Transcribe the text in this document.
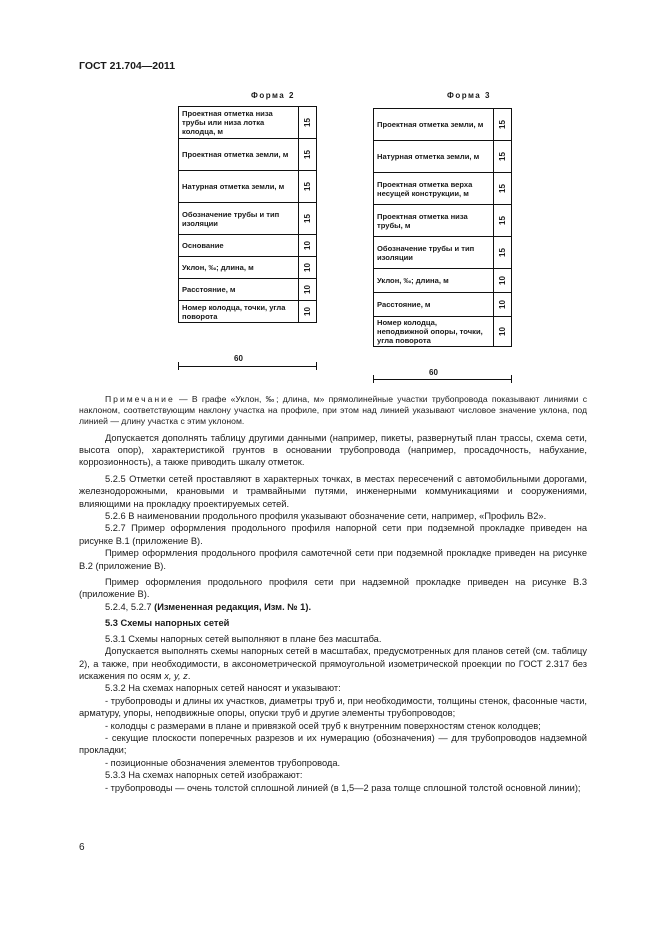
ГОСТ 21.704—2011
Форма 2
Проектная отметка низа трубы или низа лотка колодца, м	15
Проектная отметка земли, м	15
Натурная отметка земли, м	15
Обозначение трубы и тип изоляции	15
Основание	10
Уклон, ‰; длина, м	10
Расстояние, м	10
Номер колодца, точки, угла поворота	10
60
Форма 3
Проектная отметка земли, м	15
Натурная отметка земли, м	15
Проектная отметка верха несущей конструкции, м	15
Проектная отметка низа трубы, м	15
Обозначение трубы и тип изоляции	15
Уклон, ‰; длина, м	10
Расстояние, м	10
Номер колодца, неподвижной опоры, точки, угла поворота	10
60

Примечание — В графе «Уклон, ‰; длина, м» прямолинейные участки трубопровода показывают линиями с наклоном, соответствующим наклону участка на профиле, при этом над линией указывают числовое значение уклона, под линией — длину участка с этим уклоном.

Допускается дополнять таблицу другими данными (например, пикеты, развернутый план трассы, схема сети, высота опор), характеристикой грунтов в основании трубопровода (например, просадочность, набухание, коррозионность), а также приводить шкалу отметок.

5.2.5 Отметки сетей проставляют в характерных точках, в местах пересечений с автомобильными дорогами, железнодорожными, крановыми и трамвайными путями, инженерными коммуникациями и сооружениями, влияющими на прокладку проектируемых сетей.

5.2.6 В наименовании продольного профиля указывают обозначение сети, например, «Профиль В2».

5.2.7 Пример оформления продольного профиля напорной сети при подземной прокладке приведен на рисунке В.1 (приложение В).

Пример оформления продольного профиля самотечной сети при подземной прокладке приведен на рисунке В.2 (приложение В).

Пример оформления продольного профиля сети при надземной прокладке приведен на рисунке В.3 (приложение В).

5.2.4, 5.2.7 (Измененная редакция, Изм. № 1).

5.3 Схемы напорных сетей

5.3.1 Схемы напорных сетей выполняют в плане без масштаба.

Допускается выполнять схемы напорных сетей в масштабах, предусмотренных для планов сетей (см. таблицу 2), а также, при необходимости, в аксонометрической прямоугольной изометрической проекции по ГОСТ 2.317 без искажения по осям x, y, z.

5.3.2 На схемах напорных сетей наносят и указывают:

- трубопроводы и длины их участков, диаметры труб и, при необходимости, толщины стенок, фасонные части, арматуру, упоры, неподвижные опоры, опуски труб и другие элементы трубопроводов;

- колодцы с размерами в плане и привязкой осей труб к внутренним поверхностям стенок колодцев;

- секущие плоскости поперечных разрезов и их нумерацию (обозначения) — для трубопроводов надземной прокладки;

- позиционные обозначения элементов трубопровода.

5.3.3 На схемах напорных сетей изображают:

- трубопроводы — очень толстой сплошной линией (в 1,5—2 раза толще сплошной толстой основной линии);

6
